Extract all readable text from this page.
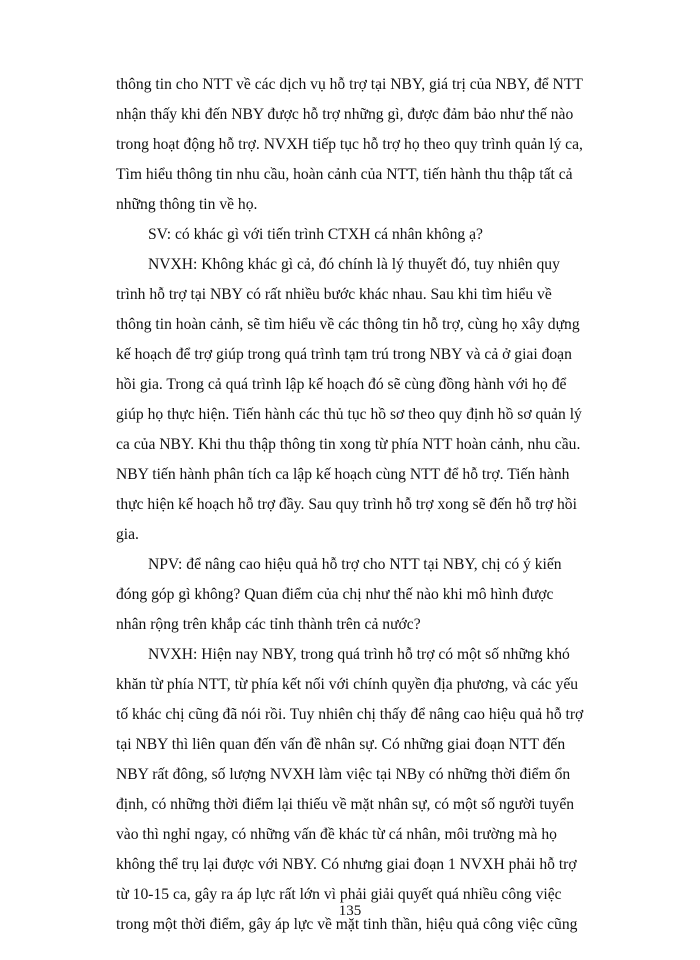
thông tin cho NTT về các dịch vụ hỗ trợ tại NBY, giá trị của NBY, để NTT
nhận thấy khi đến NBY được hỗ trợ những gì, được đảm bảo như thế nào
trong hoạt động hỗ trợ. NVXH tiếp tục hỗ trợ họ theo quy trình quản lý ca,
Tìm hiểu thông tin nhu cầu, hoàn cảnh của NTT, tiến hành thu thập tất cả
những thông tin về họ.
SV: có khác gì với tiến trình CTXH cá nhân không ạ?
NVXH: Không khác gì cả, đó chính là lý thuyết đó, tuy nhiên quy
trình hỗ trợ tại NBY có rất nhiều bước khác nhau. Sau khi tìm hiểu về
thông tin hoàn cảnh, sẽ tìm hiểu về các thông tin hỗ trợ, cùng họ xây dựng
kế hoạch để trợ giúp trong quá trình tạm trú trong NBY và cả ở giai đoạn
hồi gia. Trong cả quá trình lập kế hoạch đó sẽ cùng đồng hành với họ để
giúp họ thực hiện. Tiến hành các thủ tục hồ sơ theo quy định hồ sơ quản lý
ca của NBY. Khi thu thập thông tin xong từ phía NTT hoàn cảnh, nhu cầu.
NBY tiến hành phân tích ca lập kế hoạch cùng NTT để hỗ trợ. Tiến hành
thực hiện kế hoạch hỗ trợ đầy. Sau quy trình hỗ trợ xong sẽ đến hỗ trợ hồi
gia.
NPV: để nâng cao hiệu quả hỗ trợ cho NTT tại NBY, chị có ý kiến
đóng góp gì không? Quan điểm của chị như thế nào khi mô hình được
nhân rộng trên khắp các tỉnh thành trên cả nước?
NVXH: Hiện nay NBY, trong quá trình hỗ trợ có một số những khó
khăn từ phía NTT, từ phía kết nối với chính quyền địa phương, và các yếu
tố khác chị cũng đã nói rồi. Tuy nhiên chị thấy để nâng cao hiệu quả hỗ trợ
tại NBY thì liên quan đến vấn đề nhân sự. Có những giai đoạn NTT đến
NBY rất đông, số lượng NVXH làm việc tại NBy có những thời điểm ổn
định, có những thời điểm lại thiếu về mặt nhân sự, có một số người tuyển
vào thì nghỉ ngay, có những vấn đề khác từ cá nhân, môi trường mà họ
không thể trụ lại được với NBY. Có nhưng giai đoạn 1 NVXH phải hỗ trợ
từ 10-15 ca, gây ra áp lực rất lớn vì phải giải quyết quá nhiều công việc
trong một thời điểm, gây áp lực về mặt tinh thần, hiệu quả công việc cũng
135
